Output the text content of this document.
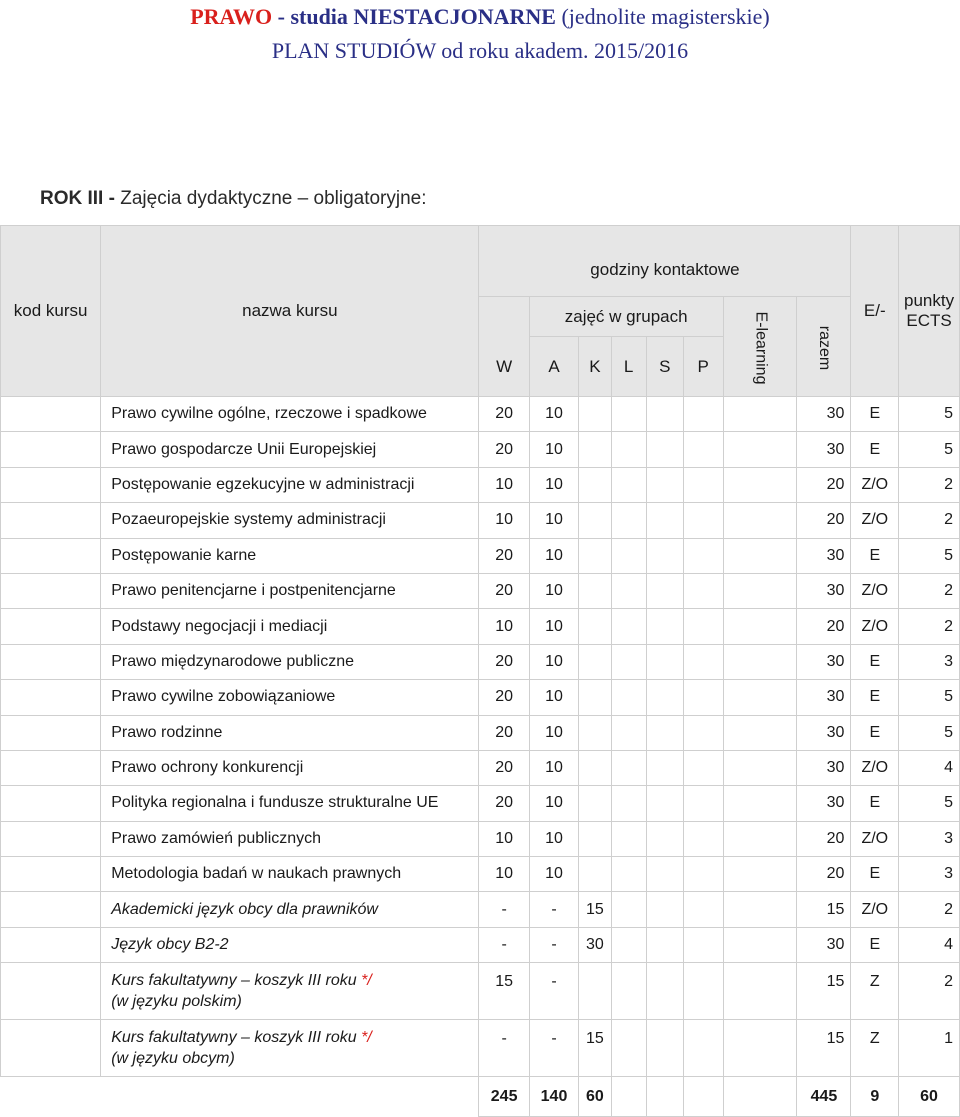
PRAWO - studia NIESTACJONARNE (jednolite magisterskie)
PLAN STUDIÓW od roku akadem. 2015/2016
ROK III - Zajęcia dydaktyczne – obligatoryjne:
kod kursu	nazwa kursu	godziny kontaktowe								E/-	punkty
ECTS
		W	zajęć w grupach					E-learning	razem		
			A	K	L	S	P				
	Prawo cywilne ogólne, rzeczowe i spadkowe	20	10						30	E	5
	Prawo gospodarcze Unii Europejskiej	20	10						30	E	5
	Postępowanie egzekucyjne w administracji	10	10						20	Z/O	2
	Pozaeuropejskie systemy administracji	10	10						20	Z/O	2
	Postępowanie karne	20	10						30	E	5
	Prawo penitencjarne i postpenitencjarne	20	10						30	Z/O	2
	Podstawy negocjacji i mediacji	10	10						20	Z/O	2
	Prawo międzynarodowe publiczne	20	10						30	E	3
	Prawo cywilne zobowiązaniowe	20	10						30	E	5
	Prawo rodzinne	20	10						30	E	5
	Prawo ochrony konkurencji	20	10						30	Z/O	4
	Polityka regionalna i fundusze strukturalne UE	20	10						30	E	5
	Prawo zamówień publicznych	10	10						20	Z/O	3
	Metodologia badań w naukach prawnych	10	10						20	E	3
	Akademicki język obcy dla prawników	-	-	15					15	Z/O	2
	Język obcy B2-2	-	-	30					30	E	4
	Kurs fakultatywny – koszyk III roku */
(w języku polskim)	15	-						15	Z	2
	Kurs fakultatywny – koszyk III roku */
(w języku obcym)	-	-	15					15	Z	1
		245	140	60					445	9	60
